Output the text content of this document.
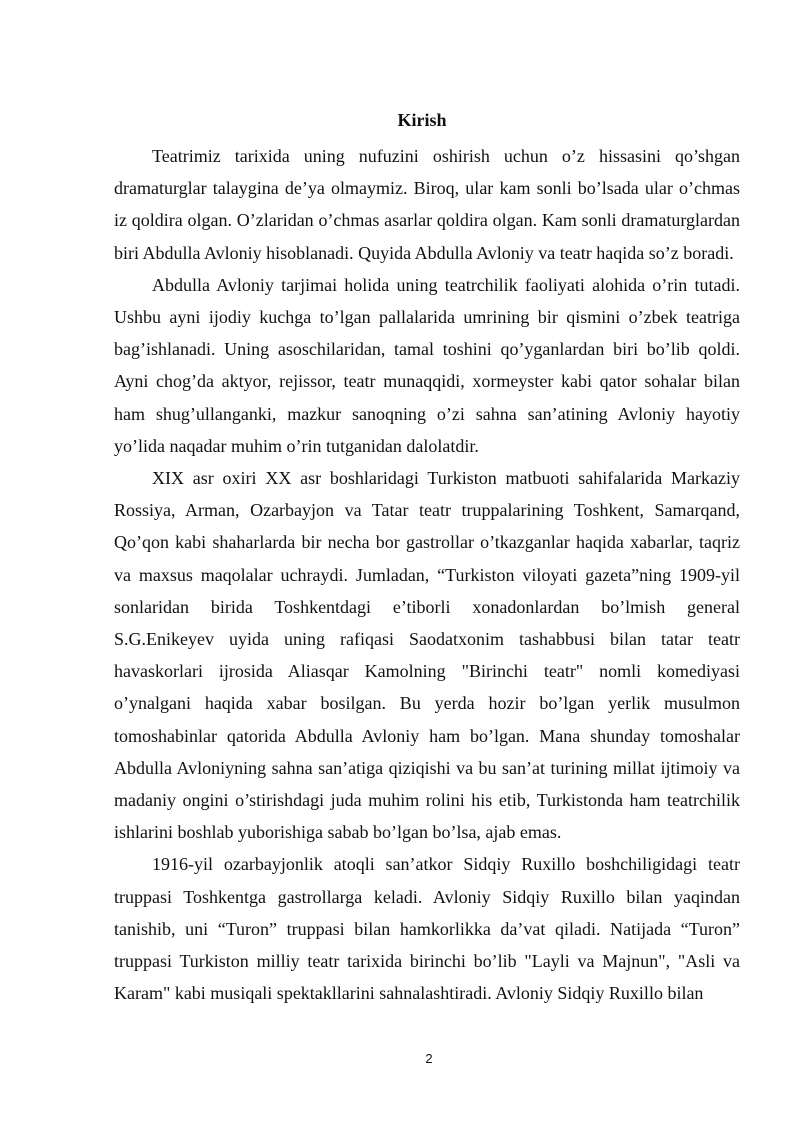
Kirish

Teatrimiz tarixida uning nufuzini oshirish uchun o’z hissasini qo’shgan dramaturglar talaygina de’ya olmaymiz. Biroq, ular kam sonli bo’lsada ular o’chmas iz qoldira olgan. O’zlaridan o’chmas asarlar qoldira olgan. Kam sonli dramaturglardan biri Abdulla Avloniy hisoblanadi. Quyida Abdulla Avloniy va teatr haqida so’z boradi.

Abdulla Avloniy tarjimai holida uning teatrchilik faoliyati alohida o’rin tutadi. Ushbu ayni ijodiy kuchga to’lgan pallalarida umrining bir qismini o’zbek teatriga bag’ishlanadi. Uning asoschilaridan, tamal toshini qo’yganlardan biri bo’lib qoldi. Ayni chog’da aktyor, rejissor, teatr munaqqidi, xormeyster kabi qator sohalar bilan ham shug’ullanganki, mazkur sanoqning o’zi sahna san’atining Avloniy hayotiy yo’lida naqadar muhim o’rin tutganidan dalolatdir.

XIX asr oxiri XX asr boshlaridagi Turkiston matbuoti sahifalarida Markaziy Rossiya, Arman, Ozarbayjon va Tatar teatr truppalarining Toshkent, Samarqand, Qo’qon kabi shaharlarda bir necha bor gastrollar o’tkazganlar haqida xabarlar, taqriz va maxsus maqolalar uchraydi. Jumladan, “Turkiston viloyati gazeta”ning 1909-yil sonlaridan birida Toshkentdagi e’tiborli xonadonlardan bo’lmish general S.G.Enikeyev uyida uning rafiqasi Saodatxonim tashabbusi bilan tatar teatr havaskorlari ijrosida Aliasqar Kamolning "Birinchi teatr" nomli komediyasi o’ynalgani haqida xabar bosilgan. Bu yerda hozir bo’lgan yerlik musulmon tomoshabinlar qatorida Abdulla Avloniy ham bo’lgan. Mana shunday tomoshalar Abdulla Avloniyning sahna san’atiga qiziqishi va bu san’at turining millat ijtimoiy va madaniy ongini o’stirishdagi juda muhim rolini his etib, Turkistonda ham teatrchilik ishlarini boshlab yuborishiga sabab bo’lgan bo’lsa, ajab emas.

1916-yil ozarbayjonlik atoqli san’atkor Sidqiy Ruxillo boshchiligidagi teatr truppasi Toshkentga gastrollarga keladi. Avloniy Sidqiy Ruxillo bilan yaqindan tanishib, uni “Turon” truppasi bilan hamkorlikka da’vat qiladi. Natijada “Turon” truppasi Turkiston milliy teatr tarixida birinchi bo’lib "Layli va Majnun", "Asli va Karam" kabi musiqali spektakllarini sahnalashtiradi. Avloniy Sidqiy Ruxillo bilan

2
